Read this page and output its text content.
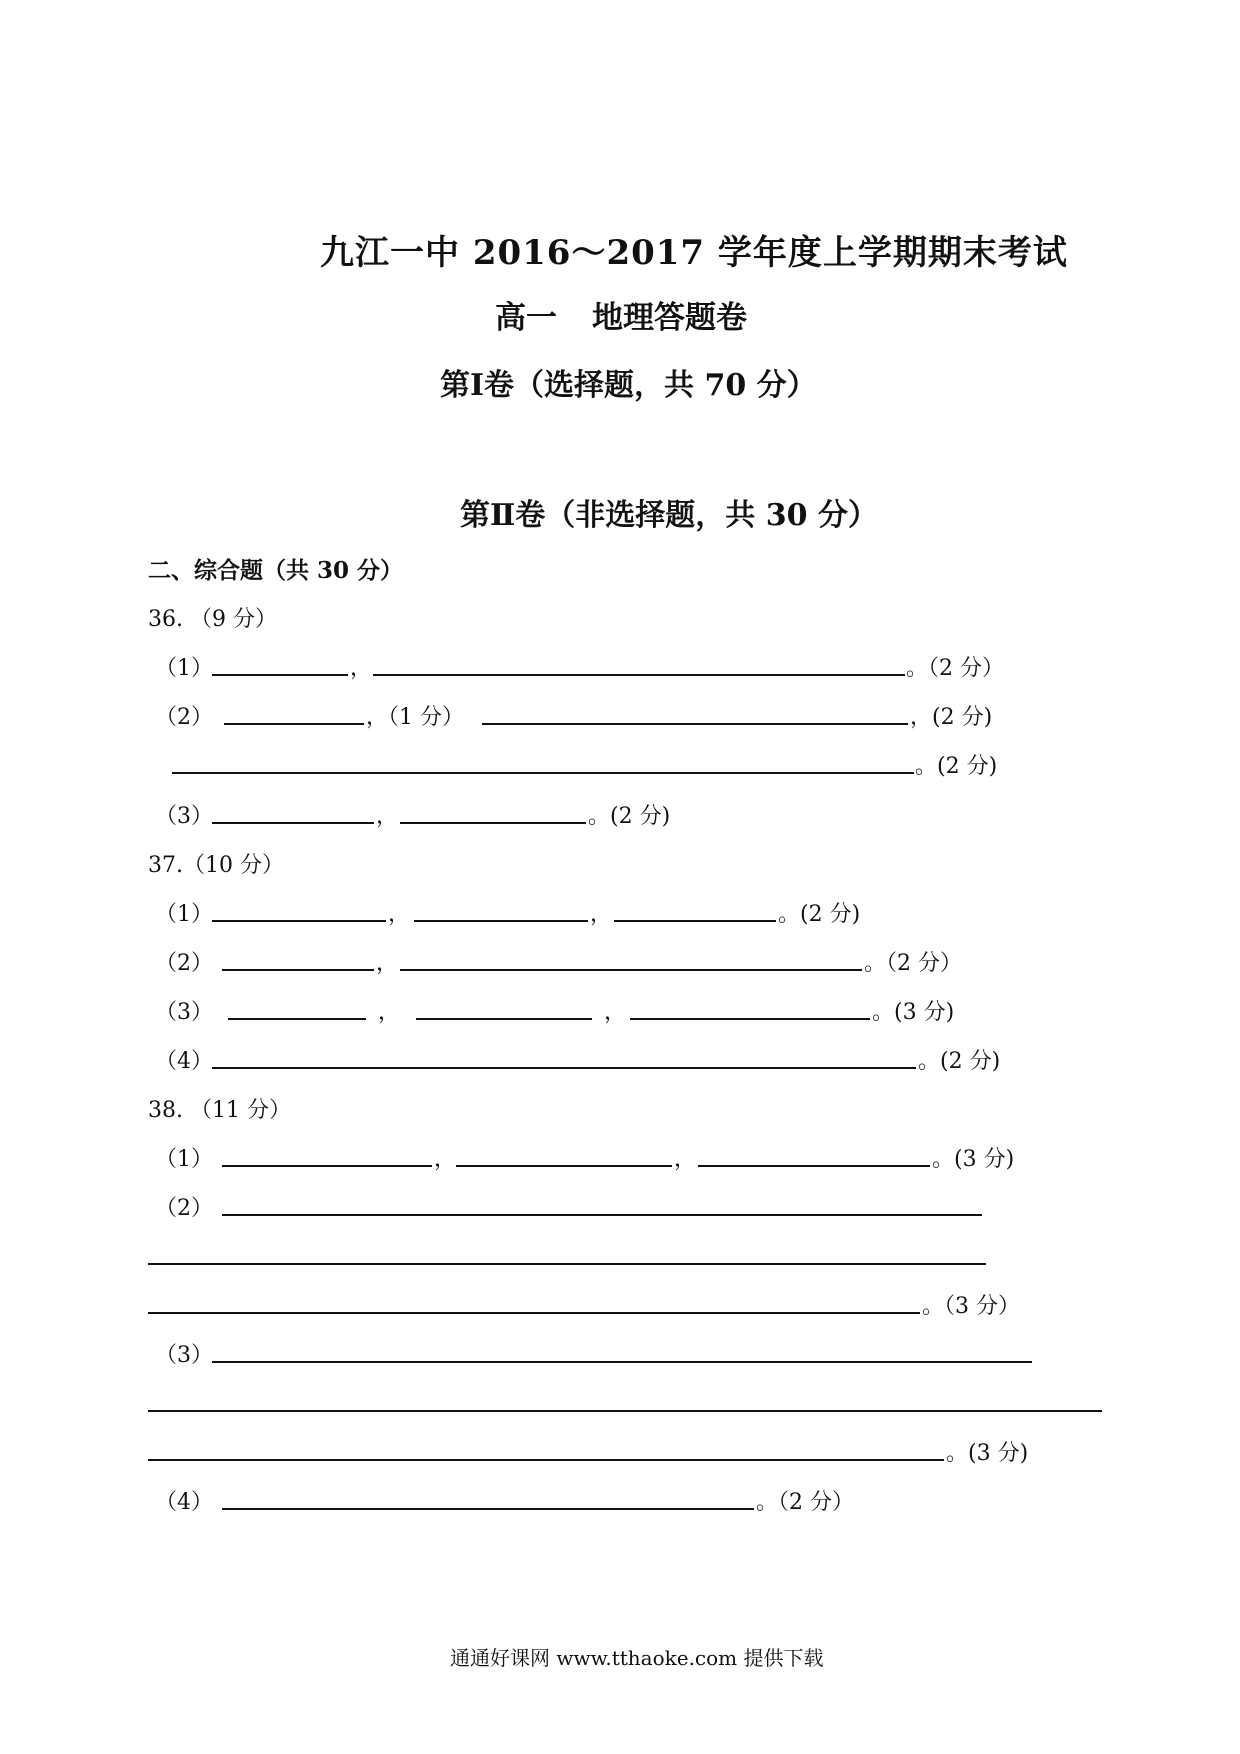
九江一中 2016～2017 学年度上学期期末考试
高一 地理答题卷
第Ⅰ卷（选择题，共 70 分）
第Ⅱ卷（非选择题，共 30 分）
二、综合题（共 30 分）
36. （9 分）
（1）	，	。（2 分）
（2）	，（1 分）	，(2 分)
。(2 分)
（3）	，	。(2 分)
37.（10 分）
（1）	，	，	。(2 分)
（2）	，	。（2 分）
（3）	，	，	。(3 分)
（4）	。(2 分)
38. （11 分）
（1）	，	，	。(3 分)
（2）
。（3 分）
（3）
。(3 分)
（4）	。（2 分）
通通好课网 www.tthaoke.com 提供下载
